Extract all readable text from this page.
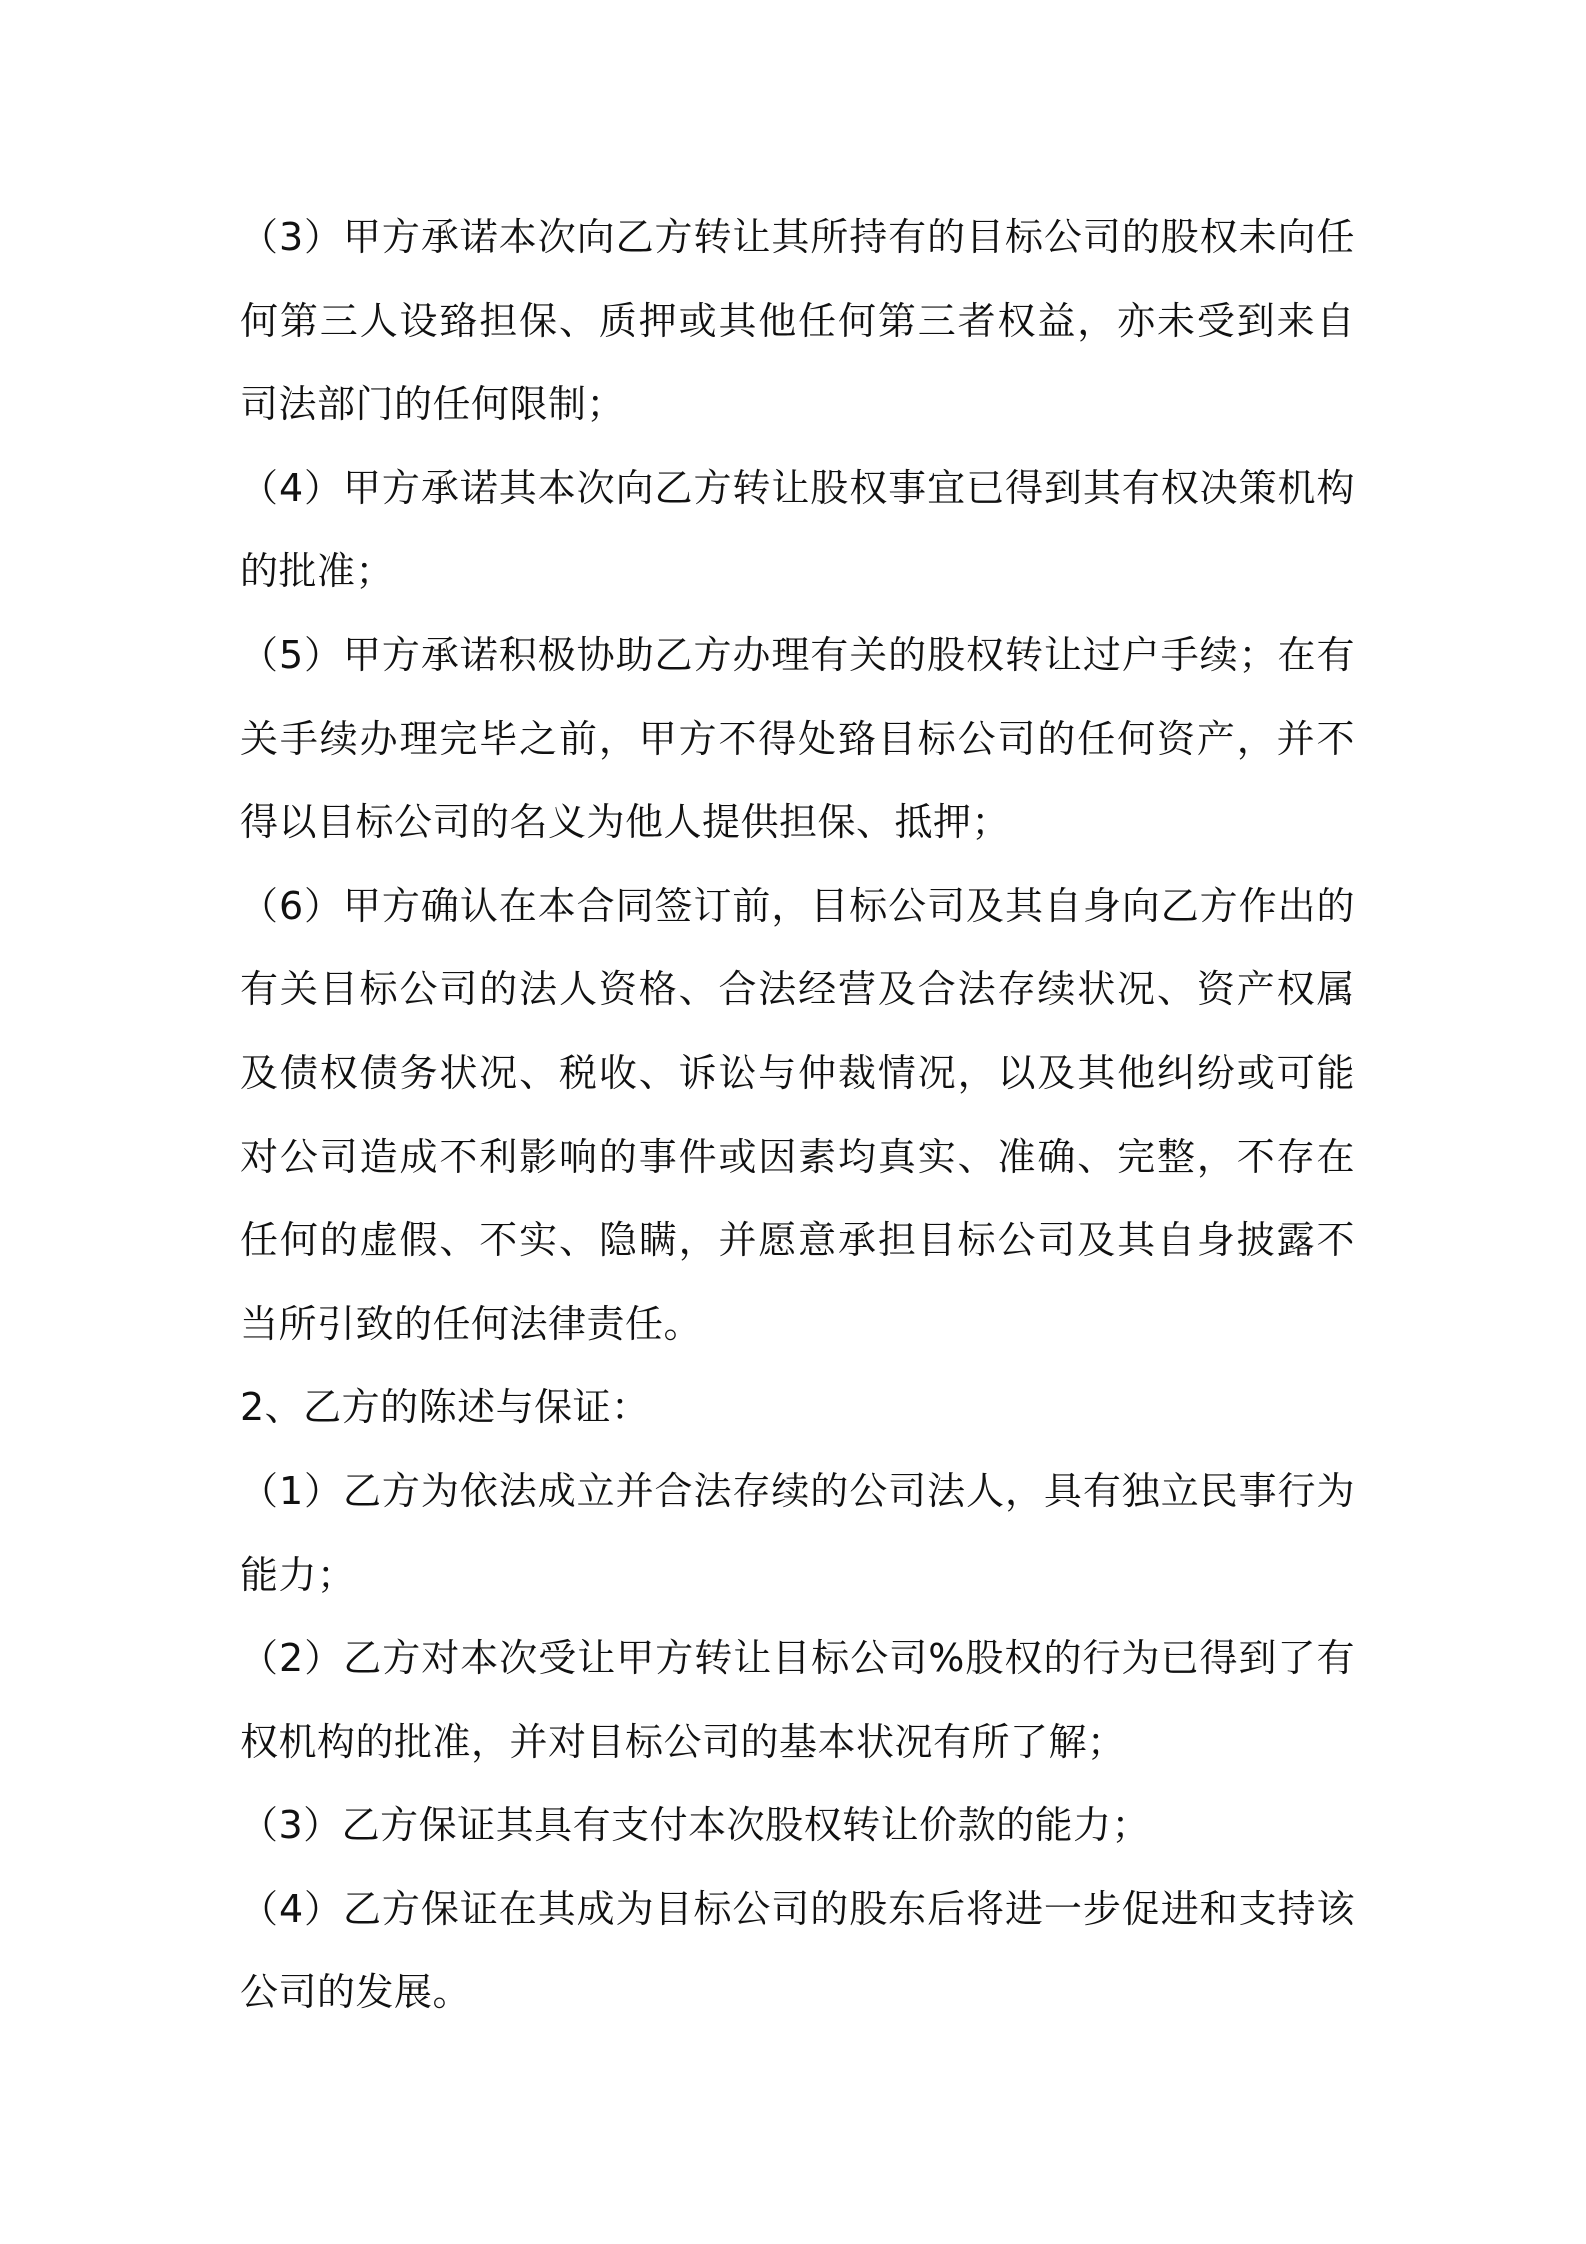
（3）甲方承诺本次向乙方转让其所持有的目标公司的股权未向任何第三人设臵担保、质押或其他任何第三者权益，亦未受到来自司法部门的任何限制；

（4）甲方承诺其本次向乙方转让股权事宜已得到其有权决策机构的批准；

（5）甲方承诺积极协助乙方办理有关的股权转让过户手续；在有关手续办理完毕之前，甲方不得处臵目标公司的任何资产，并不得以目标公司的名义为他人提供担保、抵押；

（6）甲方确认在本合同签订前，目标公司及其自身向乙方作出的有关目标公司的法人资格、合法经营及合法存续状况、资产权属及债权债务状况、税收、诉讼与仲裁情况，以及其他纠纷或可能对公司造成不利影响的事件或因素均真实、准确、完整，不存在任何的虚假、不实、隐瞒，并愿意承担目标公司及其自身披露不当所引致的任何法律责任。

2、乙方的陈述与保证：

（1）乙方为依法成立并合法存续的公司法人，具有独立民事行为能力；

（2）乙方对本次受让甲方转让目标公司%股权的行为已得到了有权机构的批准，并对目标公司的基本状况有所了解；

（3）乙方保证其具有支付本次股权转让价款的能力；

（4）乙方保证在其成为目标公司的股东后将进一步促进和支持该公司的发展。
